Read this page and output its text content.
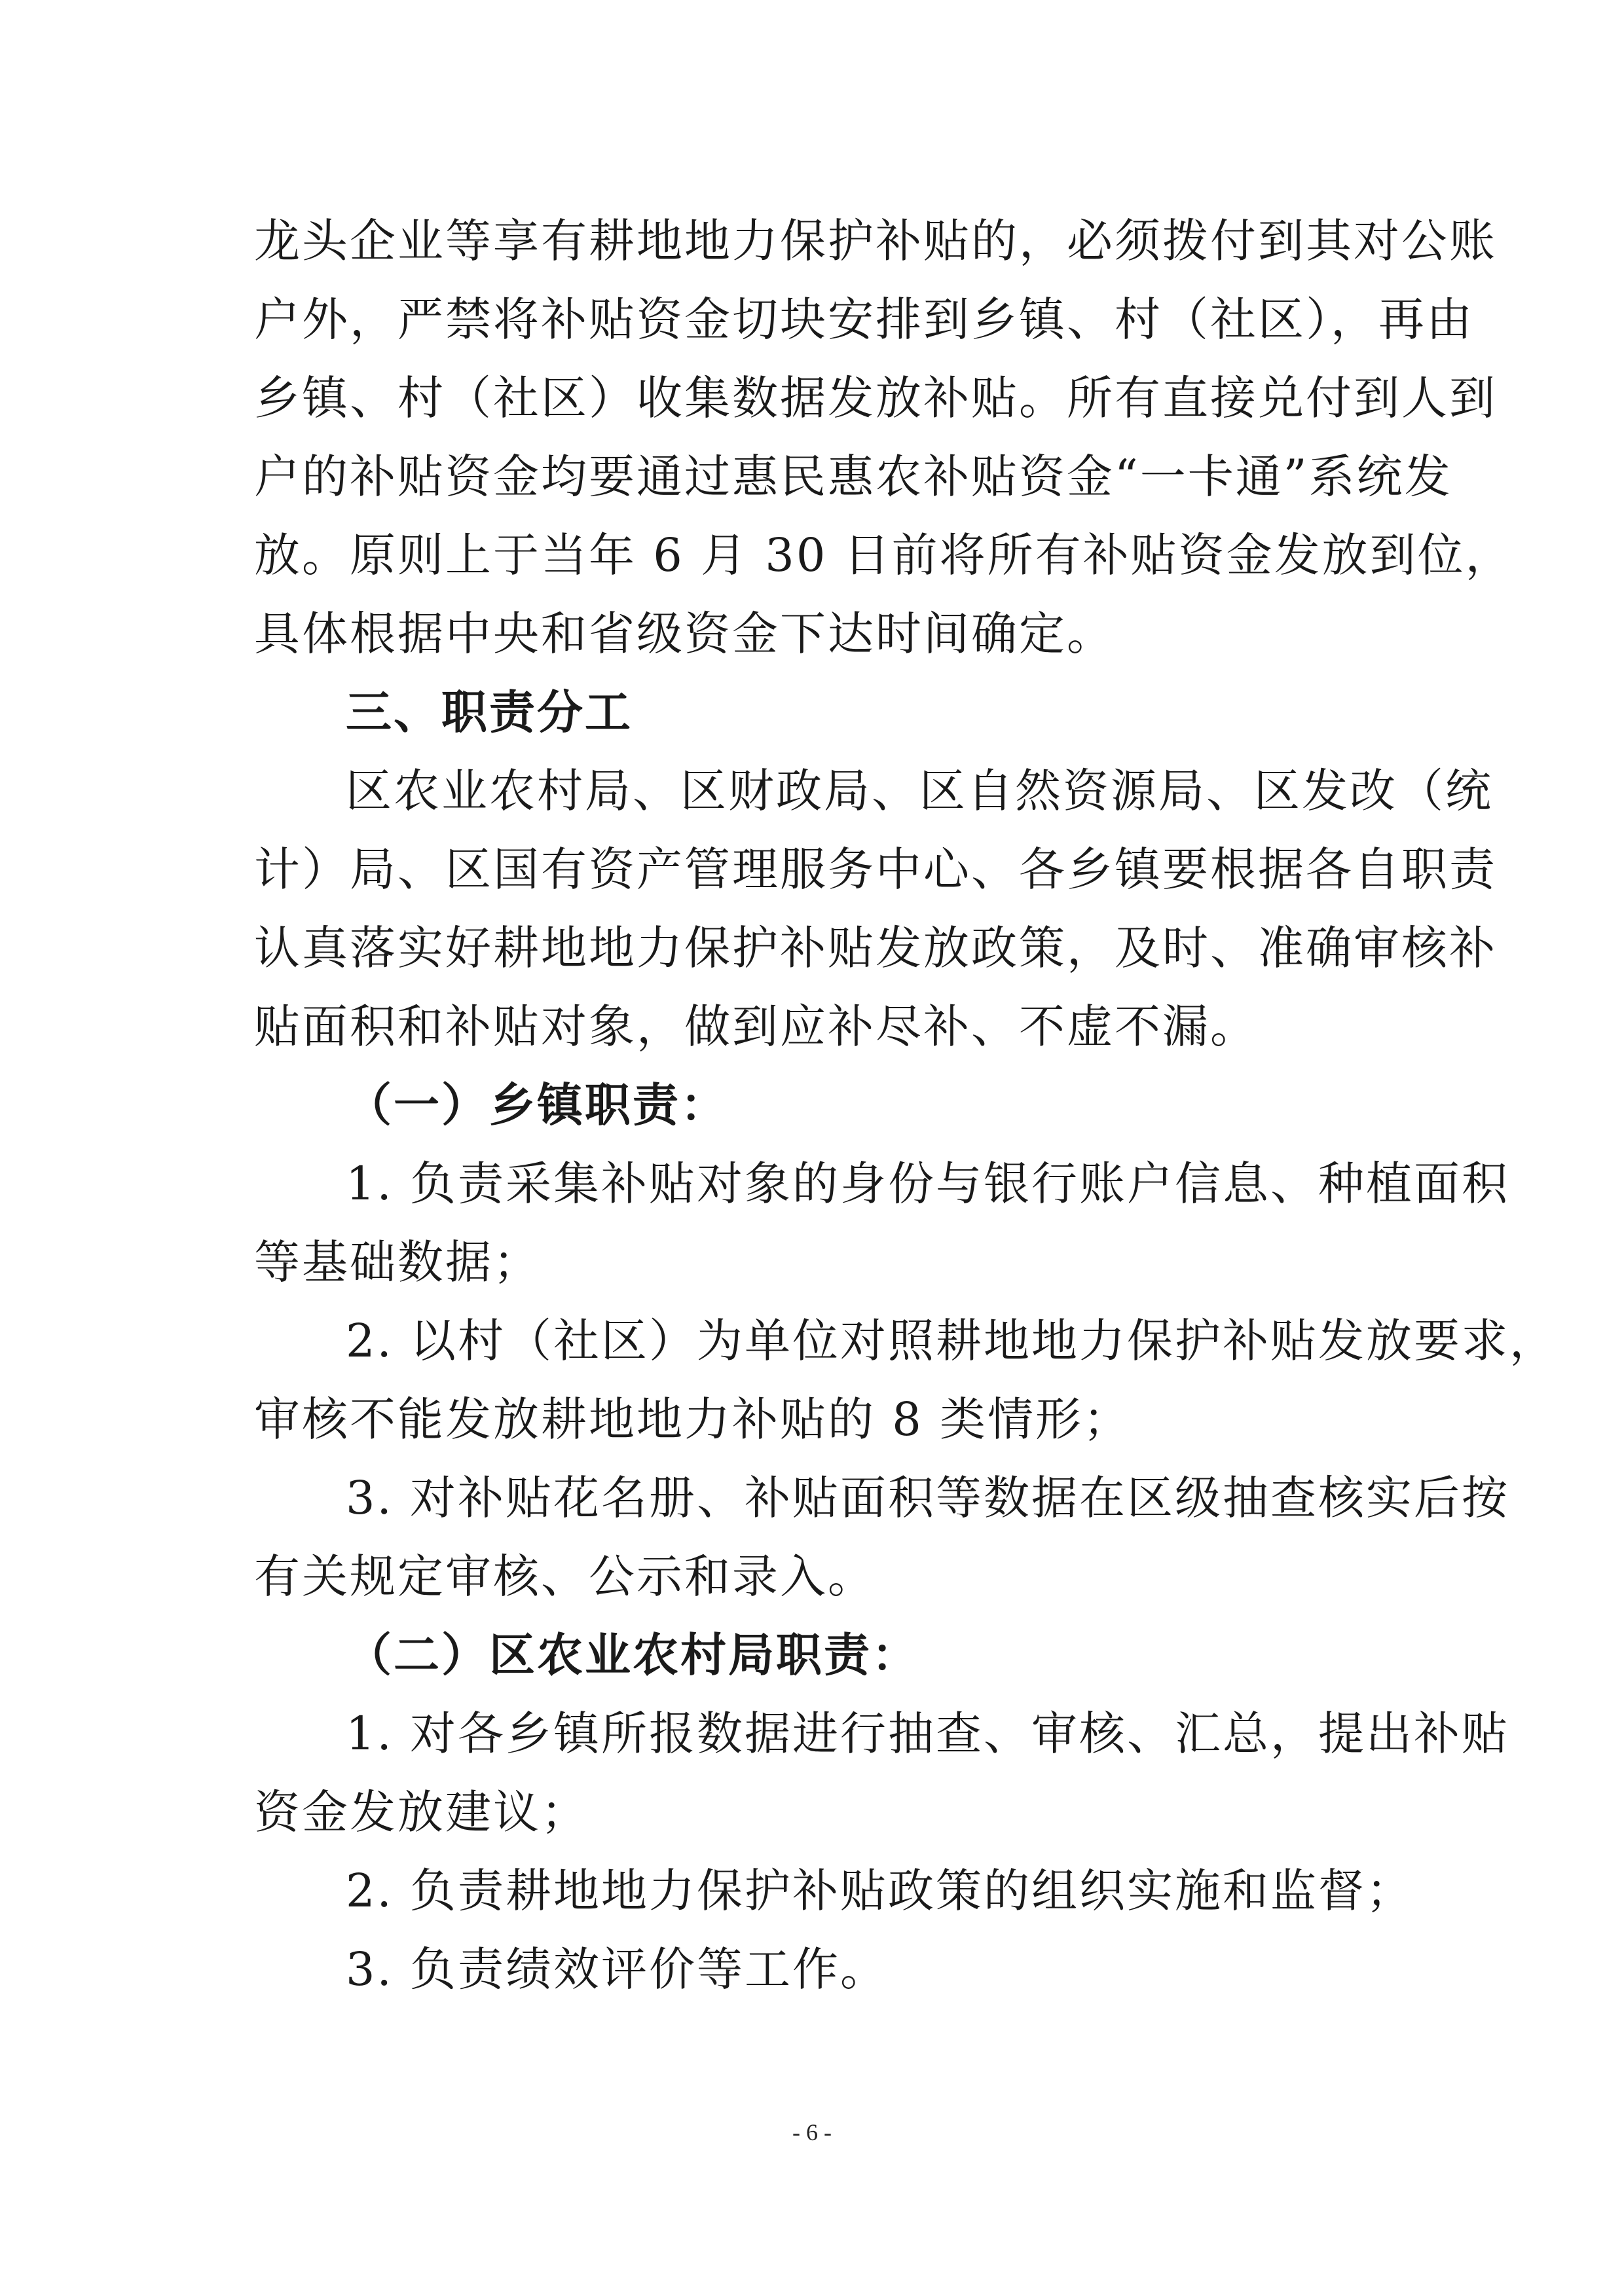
龙头企业等享有耕地地力保护补贴的，必须拨付到其对公账
户外，严禁将补贴资金切块安排到乡镇、村（社区），再由
乡镇、村（社区）收集数据发放补贴。所有直接兑付到人到
户的补贴资金均要通过惠民惠农补贴资金“一卡通”系统发
放。原则上于当年 6 月 30 日前将所有补贴资金发放到位，
具体根据中央和省级资金下达时间确定。
三、职责分工
区农业农村局、区财政局、区自然资源局、区发改（统
计）局、区国有资产管理服务中心、各乡镇要根据各自职责
认真落实好耕地地力保护补贴发放政策，及时、准确审核补
贴面积和补贴对象，做到应补尽补、不虚不漏。
（一）乡镇职责：
1. 负责采集补贴对象的身份与银行账户信息、种植面积
等基础数据；
2. 以村（社区）为单位对照耕地地力保护补贴发放要求，
审核不能发放耕地地力补贴的 8 类情形；
3. 对补贴花名册、补贴面积等数据在区级抽查核实后按
有关规定审核、公示和录入。
（二）区农业农村局职责：
1. 对各乡镇所报数据进行抽查、审核、汇总，提出补贴
资金发放建议；
2. 负责耕地地力保护补贴政策的组织实施和监督；
3. 负责绩效评价等工作。
- 6 -
